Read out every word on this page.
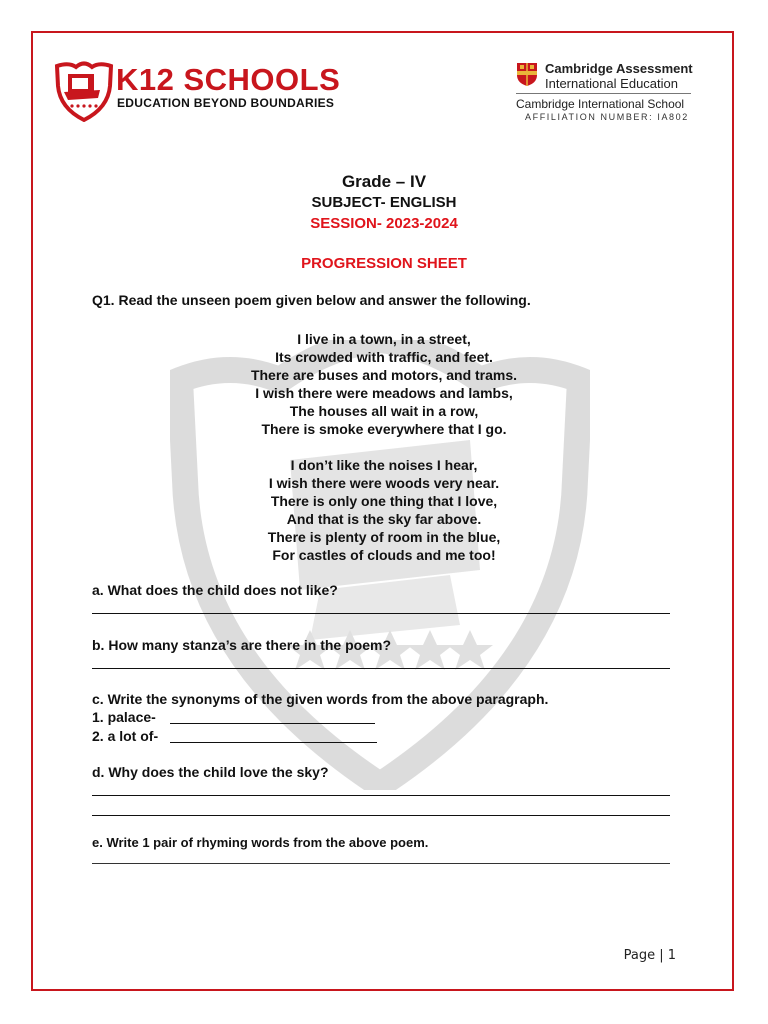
K12 SCHOOLS
EDUCATION BEYOND BOUNDARIES
Cambridge Assessment
International Education
Cambridge International School
AFFILIATION NUMBER: IA802
Grade – IV
SUBJECT- ENGLISH
SESSION- 2023-2024
PROGRESSION SHEET
Q1. Read the unseen poem given below and answer the following.
I live in a town, in a street,
Its crowded with traffic, and feet.
There are buses and motors, and trams.
I wish there were meadows and lambs,
The houses all wait in a row,
There is smoke everywhere that I go.
I don’t like the noises I hear,
I wish there were woods very near.
There is only one thing that I love,
And that is the sky far above.
There is plenty of room in the blue,
For castles of clouds and me too!
a. What does the child does not like?
b. How many stanza’s are there in the poem?
c. Write the synonyms of the given words from the above paragraph.
1. palace-
2. a lot of-
d. Why does the child love the sky?
e. Write 1 pair of rhyming words from the above poem.
Page | 1
